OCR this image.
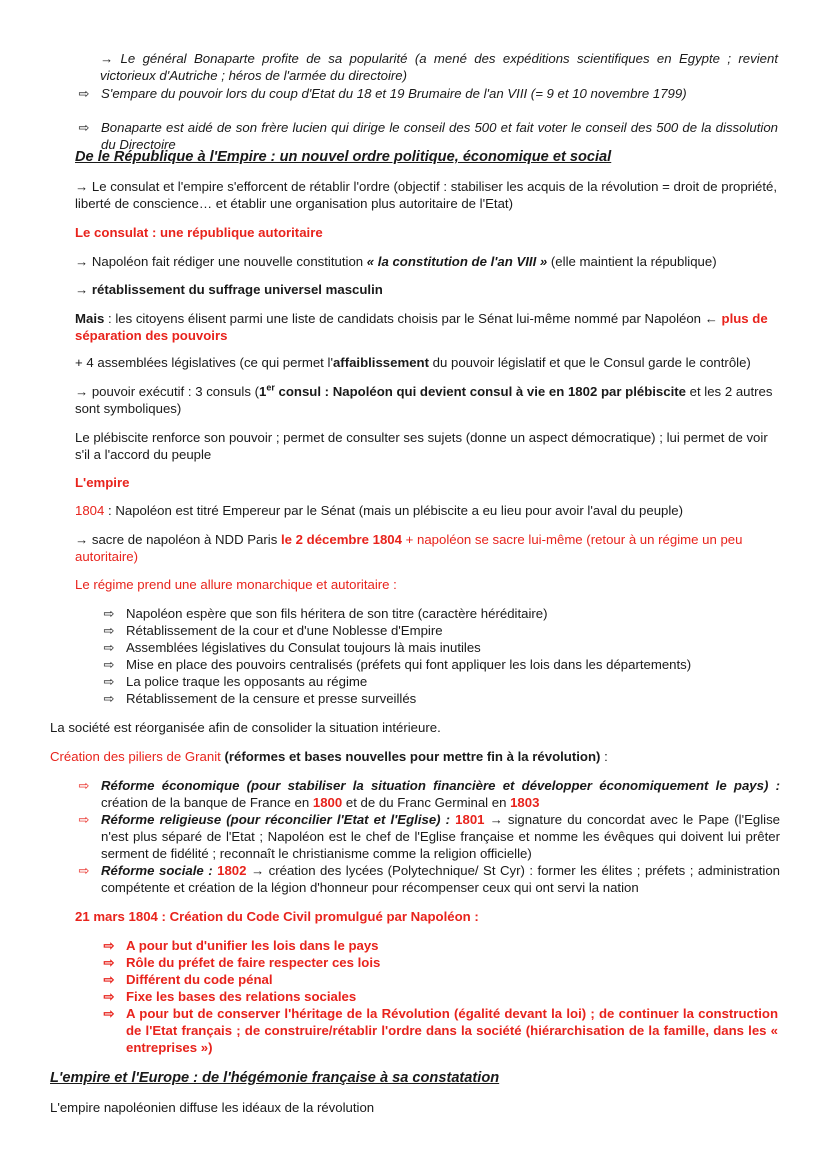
→ Le général Bonaparte profite de sa popularité (a mené des expéditions scientifiques en Egypte ; revient victorieux d'Autriche ; héros de l'armée du directoire)
⇨ S'empare du pouvoir lors du coup d'Etat du 18 et 19 Brumaire de l'an VIII (= 9 et 10 novembre 1799)
⇨ Bonaparte est aidé de son frère lucien qui dirige le conseil des 500 et fait voter le conseil des 500 de la dissolution du Directoire
De le République à l'Empire : un nouvel ordre politique, économique et social
→ Le consulat et l'empire s'efforcent de rétablir l'ordre (objectif : stabiliser les acquis de la révolution = droit de propriété, liberté de conscience… et établir une organisation plus autoritaire de l'Etat)
Le consulat : une république autoritaire
→ Napoléon fait rédiger une nouvelle constitution « la constitution de l'an VIII » (elle maintient la république)
→ rétablissement du suffrage universel masculin
Mais : les citoyens élisent parmi une liste de candidats choisis par le Sénat lui-même nommé par Napoléon ← plus de séparation des pouvoirs
+ 4 assemblées législatives (ce qui permet l'affaiblissement du pouvoir législatif et que le Consul garde le contrôle)
→ pouvoir exécutif : 3 consuls (1er consul : Napoléon qui devient consul à vie en 1802 par plébiscite et les 2 autres sont symboliques)
Le plébiscite renforce son pouvoir ; permet de consulter ses sujets (donne un aspect démocratique) ; lui permet de voir s'il a l'accord du peuple
L'empire
1804 : Napoléon est titré Empereur par le Sénat (mais un plébiscite a eu lieu pour avoir l'aval du peuple)
→ sacre de napoléon à NDD Paris le 2 décembre 1804 + napoléon se sacre lui-même (retour à un régime un peu autoritaire)
Le régime prend une allure monarchique et autoritaire :
⇨ Napoléon espère que son fils héritera de son titre (caractère héréditaire)
⇨ Rétablissement de la cour et d'une Noblesse d'Empire
⇨ Assemblées législatives du Consulat toujours là mais inutiles
⇨ Mise en place des pouvoirs centralisés (préfets qui font appliquer les lois dans les départements)
⇨ La police traque les opposants au régime
⇨ Rétablissement de la censure et presse surveillés
La société est réorganisée afin de consolider la situation intérieure.
Création des piliers de Granit (réformes et bases nouvelles pour mettre fin à la révolution) :
⇨ Réforme économique (pour stabiliser la situation financière et développer économiquement le pays) : création de la banque de France en 1800 et de du Franc Germinal en 1803
⇨ Réforme religieuse (pour réconcilier l'Etat et l'Eglise) : 1801 → signature du concordat avec le Pape (l'Eglise n'est plus séparé de l'Etat ; Napoléon est le chef de l'Eglise française et nomme les évêques qui doivent lui prêter serment de fidélité ; reconnaît le christianisme comme la religion officielle)
⇨ Réforme sociale : 1802 → création des lycées (Polytechnique/ St Cyr) : former les élites ; préfets ; administration compétente et création de la légion d'honneur pour récompenser ceux qui ont servi la nation
21 mars 1804 : Création du Code Civil promulgué par Napoléon :
⇨ A pour but d'unifier les lois dans le pays
⇨ Rôle du préfet de faire respecter ces lois
⇨ Différent du code pénal
⇨ Fixe les bases des relations sociales
⇨ A pour but de conserver l'héritage de la Révolution (égalité devant la loi) ; de continuer la construction de l'Etat français ; de construire/rétablir l'ordre dans la société (hiérarchisation de la famille, dans les « entreprises »)
L'empire et l'Europe : de l'hégémonie française à sa constatation
L'empire napoléonien diffuse les idéaux de la révolution
